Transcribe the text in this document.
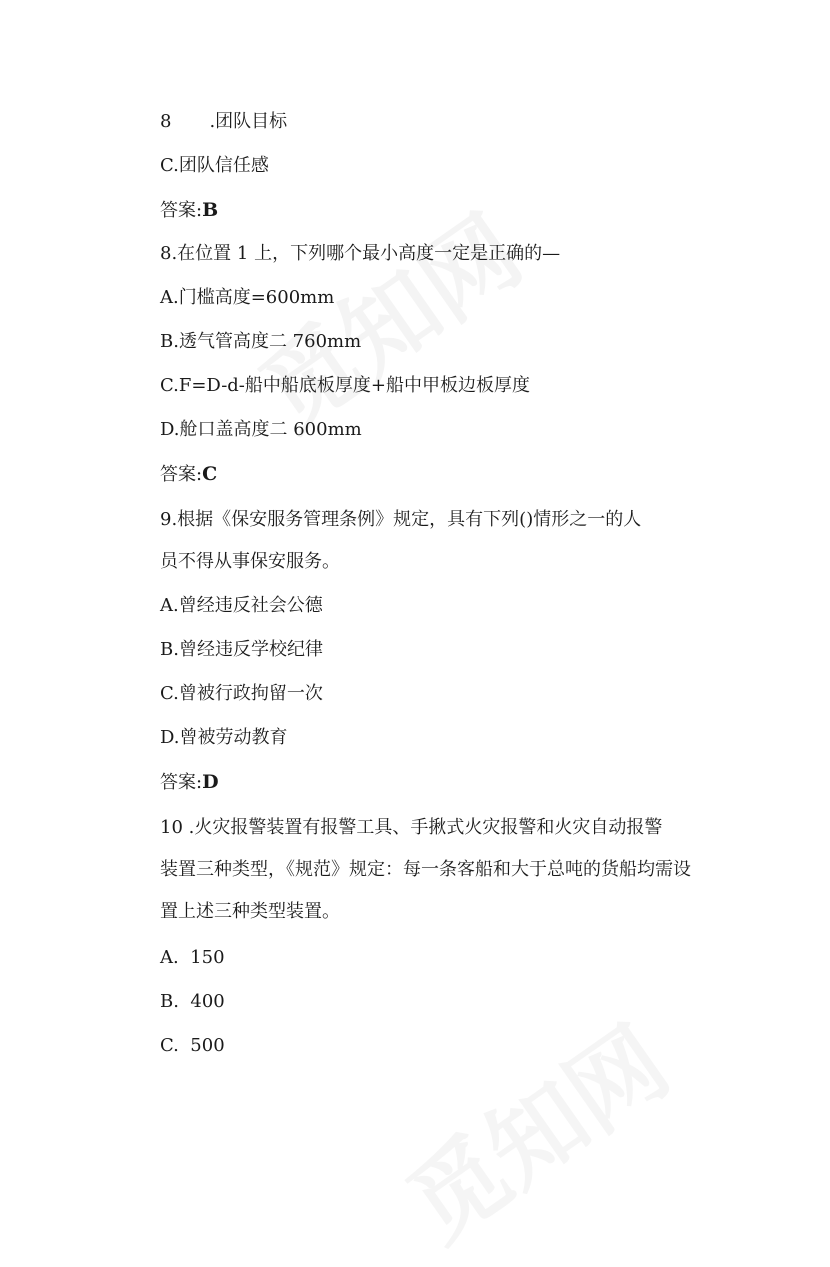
8 .团队目标
C.团队信任感
答案:B
8.在位置 1 上，下列哪个最小高度一定是正确的—
A.门槛高度=600mm
B.透气管高度二 760mm
C.F=D-d-船中船底板厚度+船中甲板边板厚度
D.舱口盖高度二 600mm
答案:C
9.根据《保安服务管理条例》规定，具有下列()情形之一的人
员不得从事保安服务。
A.曾经违反社会公德
B.曾经违反学校纪律
C.曾被行政拘留一次
D.曾被劳动教育
答案:D
10 .火灾报警装置有报警工具、手揪式火灾报警和火灾自动报警
装置三种类型，《规范》规定：每一条客船和大于总吨的货船均需设
置上述三种类型装置。
A.  150
B.  400
C.  500
